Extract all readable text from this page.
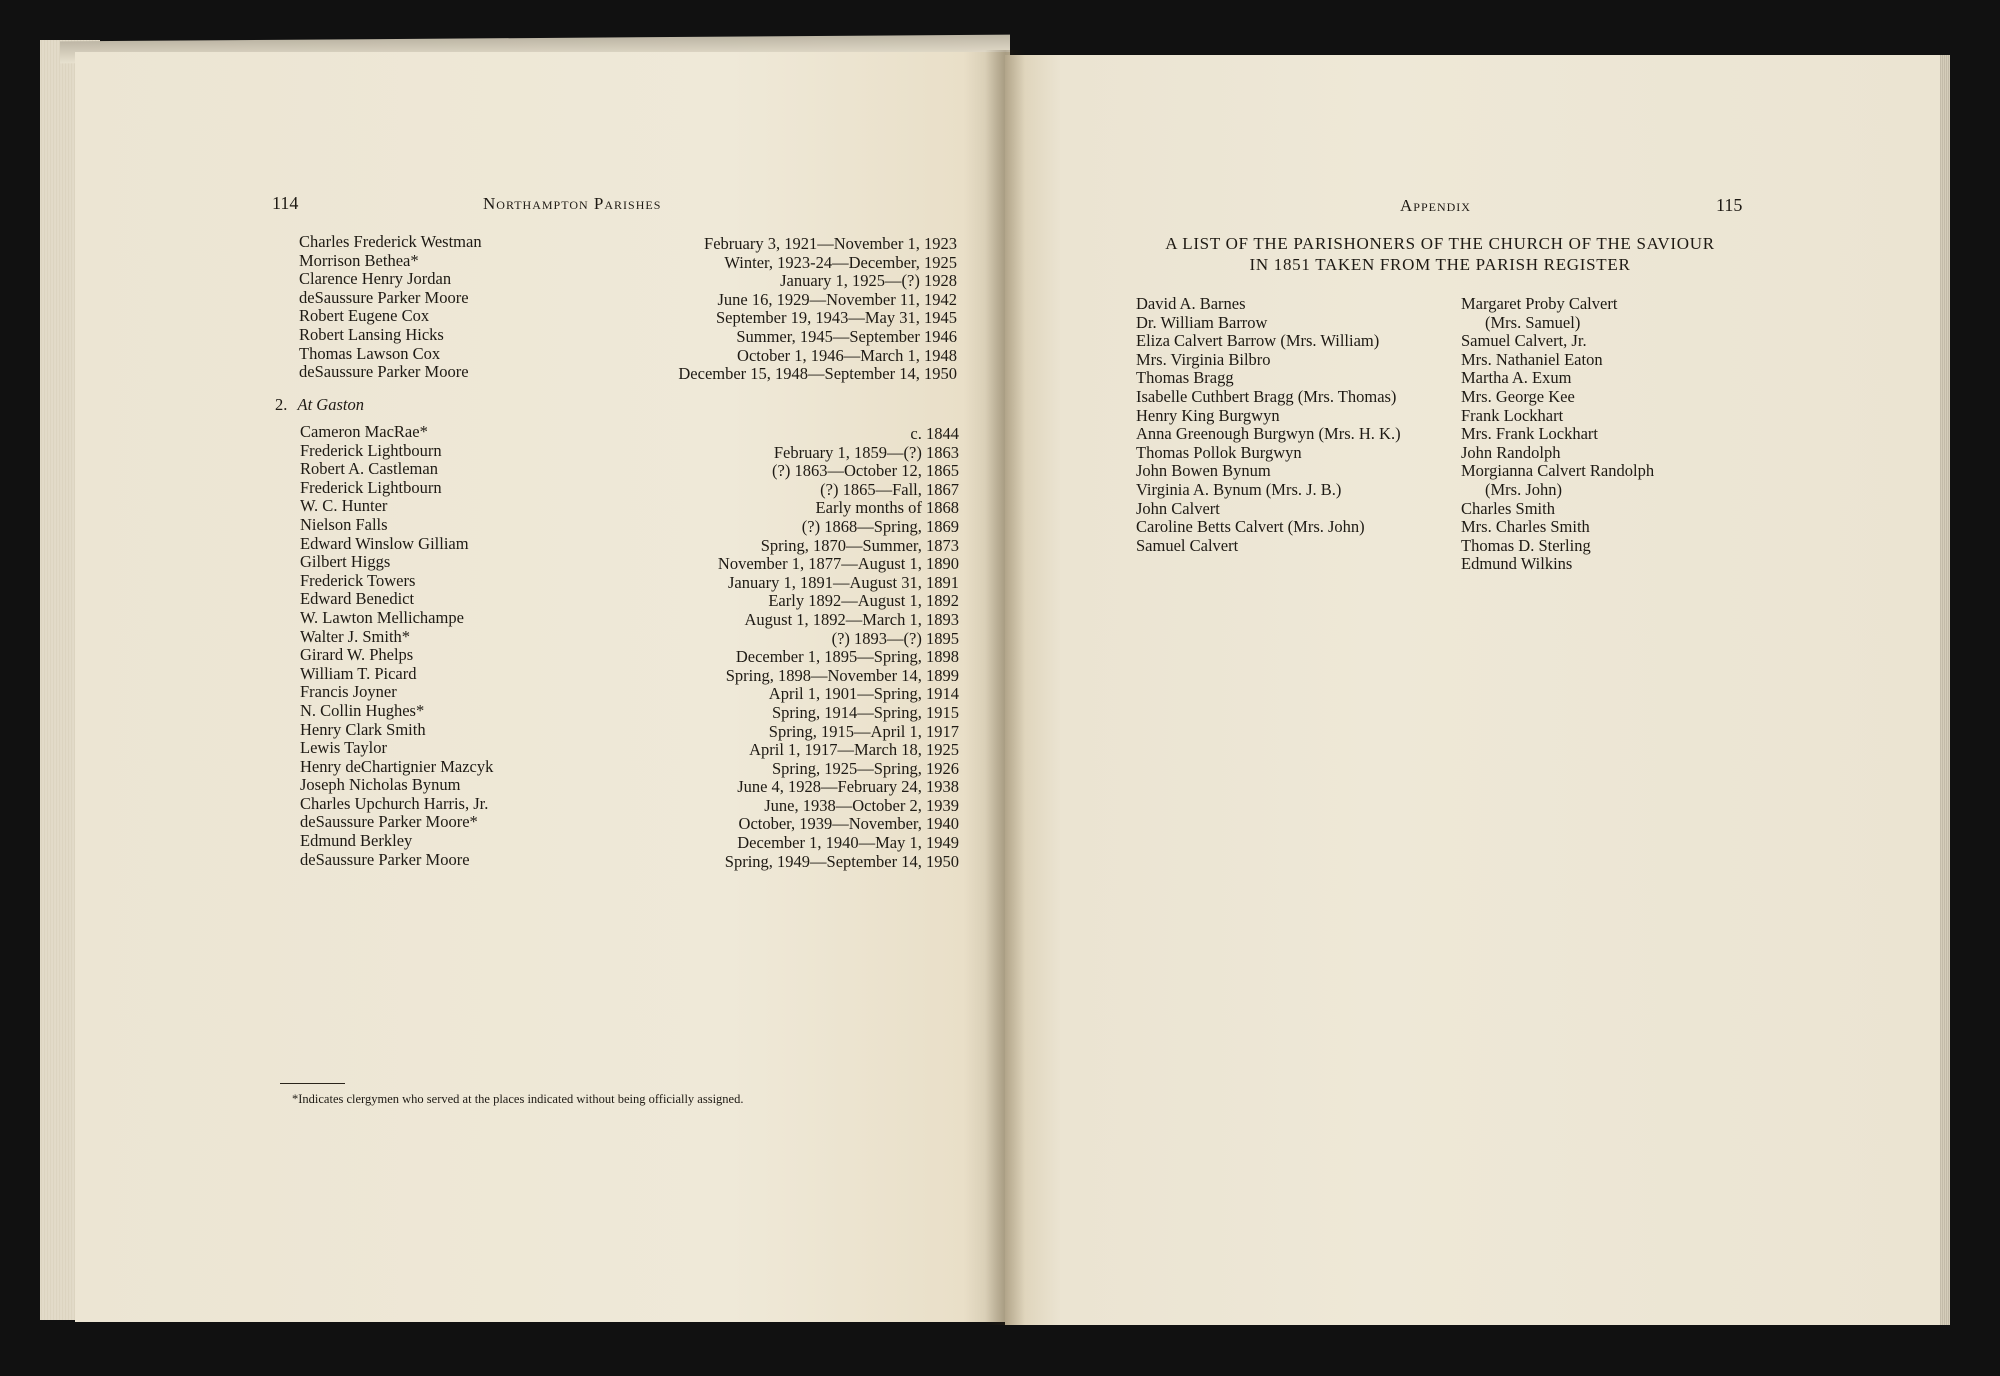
114	Northampton Parishes
Charles Frederick Westman
Morrison Bethea*
Clarence Henry Jordan
deSaussure Parker Moore
Robert Eugene Cox
Robert Lansing Hicks
Thomas Lawson Cox
deSaussure Parker Moore
February 3, 1921—November 1, 1923
Winter, 1923-24—December, 1925
January 1, 1925—(?) 1928
June 16, 1929—November 11, 1942
September 19, 1943—May 31, 1945
Summer, 1945—September 1946
October 1, 1946—March 1, 1948
December 15, 1948—September 14, 1950
2. At Gaston
Cameron MacRae*
Frederick Lightbourn
Robert A. Castleman
Frederick Lightbourn
W. C. Hunter
Nielson Falls
Edward Winslow Gilliam
Gilbert Higgs
Frederick Towers
Edward Benedict
W. Lawton Mellichampe
Walter J. Smith*
Girard W. Phelps
William T. Picard
Francis Joyner
N. Collin Hughes*
Henry Clark Smith
Lewis Taylor
Henry deChartignier Mazcyk
Joseph Nicholas Bynum
Charles Upchurch Harris, Jr.
deSaussure Parker Moore*
Edmund Berkley
deSaussure Parker Moore
c. 1844
February 1, 1859—(?) 1863
(?) 1863—October 12, 1865
(?) 1865—Fall, 1867
Early months of 1868
(?) 1868—Spring, 1869
Spring, 1870—Summer, 1873
November 1, 1877—August 1, 1890
January 1, 1891—August 31, 1891
Early 1892—August 1, 1892
August 1, 1892—March 1, 1893
(?) 1893—(?) 1895
December 1, 1895—Spring, 1898
Spring, 1898—November 14, 1899
April 1, 1901—Spring, 1914
Spring, 1914—Spring, 1915
Spring, 1915—April 1, 1917
April 1, 1917—March 18, 1925
Spring, 1925—Spring, 1926
June 4, 1928—February 24, 1938
June, 1938—October 2, 1939
October, 1939—November, 1940
December 1, 1940—May 1, 1949
Spring, 1949—September 14, 1950
*Indicates clergymen who served at the places indicated without being officially assigned.
Appendix	115
A LIST OF THE PARISHONERS OF THE CHURCH OF THE SAVIOUR
IN 1851 TAKEN FROM THE PARISH REGISTER
David A. Barnes
Dr. William Barrow
Eliza Calvert Barrow (Mrs. William)
Mrs. Virginia Bilbro
Thomas Bragg
Isabelle Cuthbert Bragg (Mrs. Thomas)
Henry King Burgwyn
Anna Greenough Burgwyn (Mrs. H. K.)
Thomas Pollok Burgwyn
John Bowen Bynum
Virginia A. Bynum (Mrs. J. B.)
John Calvert
Caroline Betts Calvert (Mrs. John)
Samuel Calvert
Margaret Proby Calvert
(Mrs. Samuel)
Samuel Calvert, Jr.
Mrs. Nathaniel Eaton
Martha A. Exum
Mrs. George Kee
Frank Lockhart
Mrs. Frank Lockhart
John Randolph
Morgianna Calvert Randolph
(Mrs. John)
Charles Smith
Mrs. Charles Smith
Thomas D. Sterling
Edmund Wilkins
